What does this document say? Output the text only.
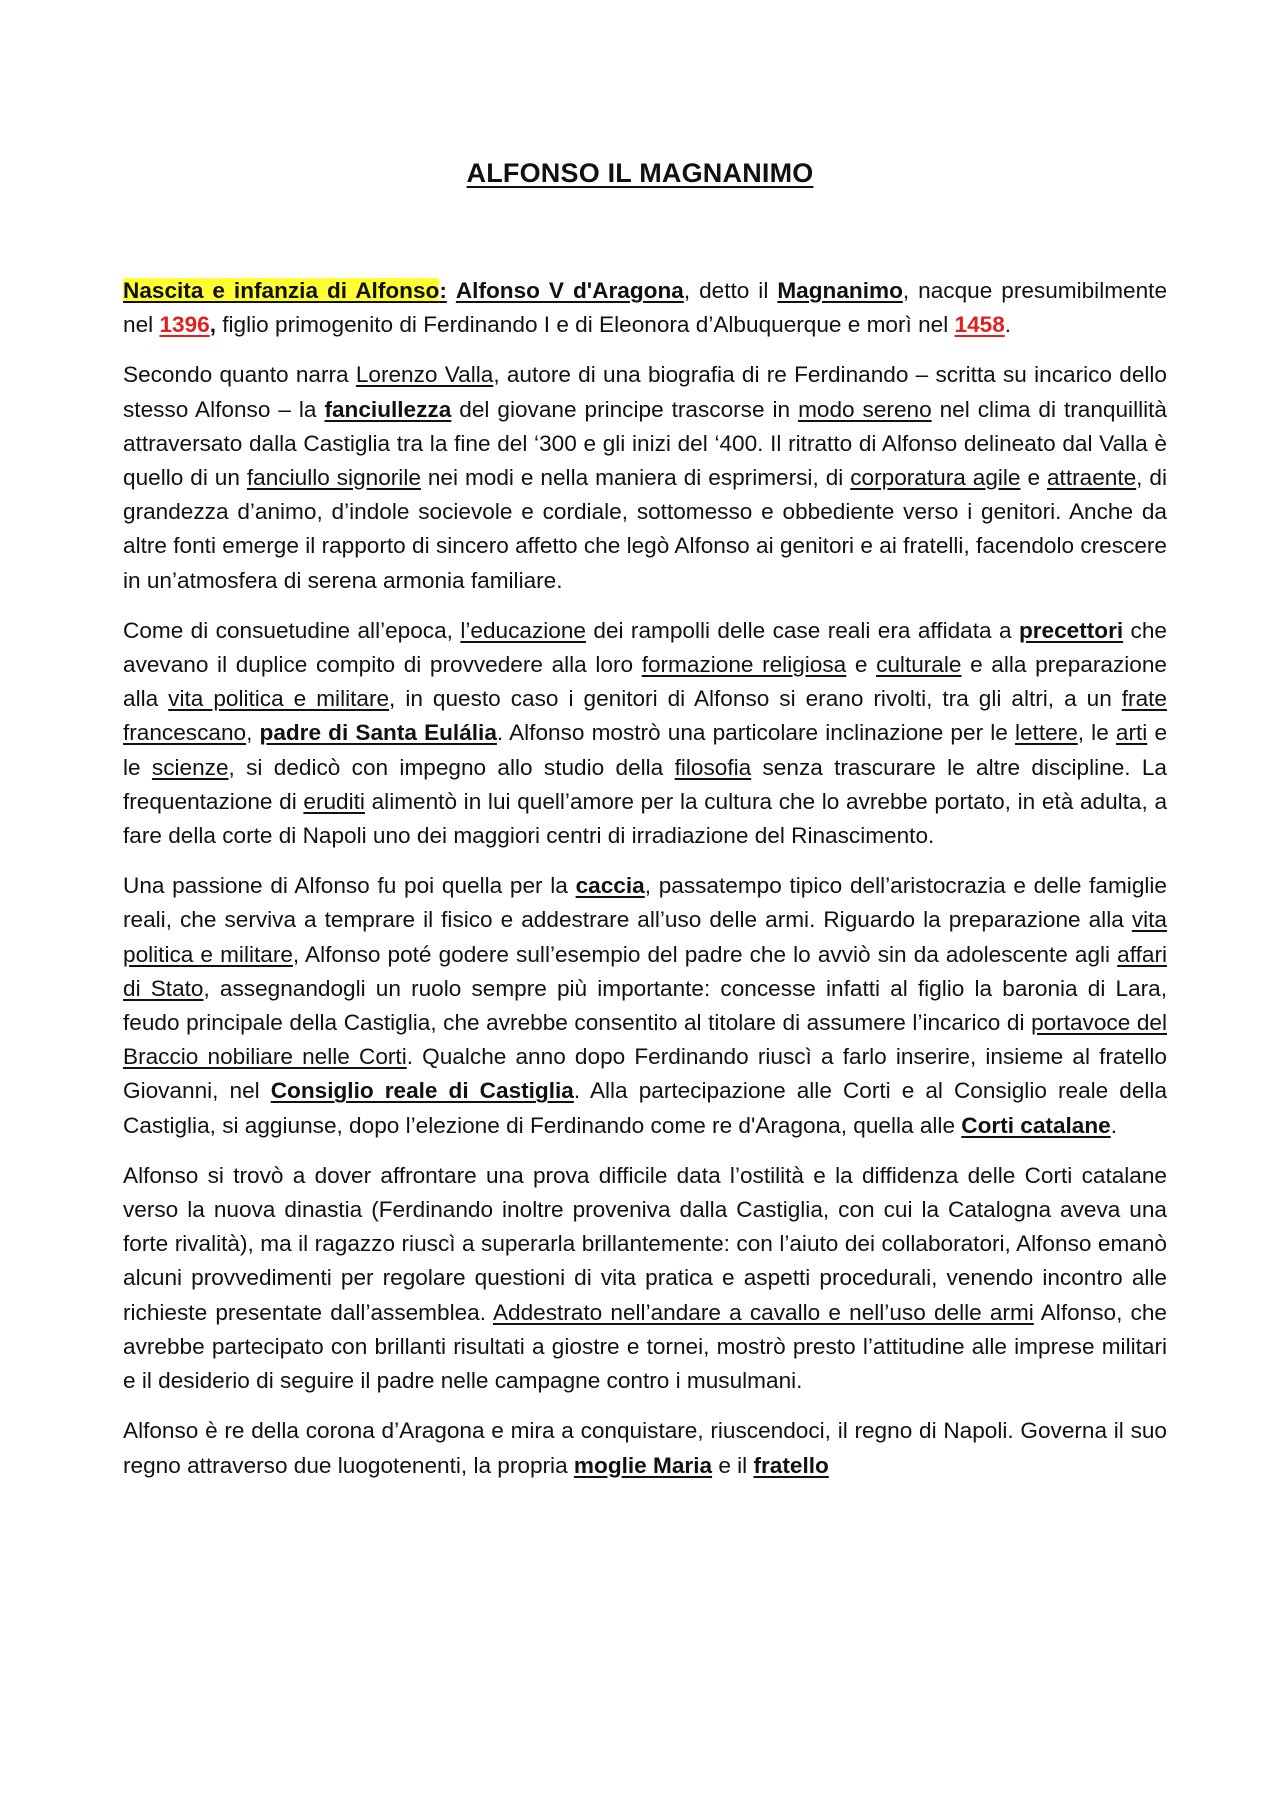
ALFONSO IL MAGNANIMO

Nascita e infanzia di Alfonso: Alfonso V d'Aragona, detto il Magnanimo, nacque presumibilmente nel 1396, figlio primogenito di Ferdinando I e di Eleonora d’Albuquerque e morì nel 1458.

Secondo quanto narra Lorenzo Valla, autore di una biografia di re Ferdinando – scritta su incarico dello stesso Alfonso – la fanciullezza del giovane principe trascorse in modo sereno nel clima di tranquillità attraversato dalla Castiglia tra la fine del ‘300 e gli inizi del ‘400. Il ritratto di Alfonso delineato dal Valla è quello di un fanciullo signorile nei modi e nella maniera di esprimersi, di corporatura agile e attraente, di grandezza d’animo, d’indole socievole e cordiale, sottomesso e obbediente verso i genitori. Anche da altre fonti emerge il rapporto di sincero affetto che legò Alfonso ai genitori e ai fratelli, facendolo crescere in un’atmosfera di serena armonia familiare.

Come di consuetudine all’epoca, l’educazione dei rampolli delle case reali era affidata a precettori che avevano il duplice compito di provvedere alla loro formazione religiosa e culturale e alla preparazione alla vita politica e militare, in questo caso i genitori di Alfonso si erano rivolti, tra gli altri, a un frate francescano, padre di Santa Eulália. Alfonso mostrò una particolare inclinazione per le lettere, le arti e le scienze, si dedicò con impegno allo studio della filosofia senza trascurare le altre discipline. La frequentazione di eruditi alimentò in lui quell’amore per la cultura che lo avrebbe portato, in età adulta, a fare della corte di Napoli uno dei maggiori centri di irradiazione del Rinascimento.

Una passione di Alfonso fu poi quella per la caccia, passatempo tipico dell’aristocrazia e delle famiglie reali, che serviva a temprare il fisico e addestrare all’uso delle armi. Riguardo la preparazione alla vita politica e militare, Alfonso poté godere sull’esempio del padre che lo avviò sin da adolescente agli affari di Stato, assegnandogli un ruolo sempre più importante: concesse infatti al figlio la baronia di Lara, feudo principale della Castiglia, che avrebbe consentito al titolare di assumere l’incarico di portavoce del Braccio nobiliare nelle Corti. Qualche anno dopo Ferdinando riuscì a farlo inserire, insieme al fratello Giovanni, nel Consiglio reale di Castiglia. Alla partecipazione alle Corti e al Consiglio reale della Castiglia, si aggiunse, dopo l’elezione di Ferdinando come re d'Aragona, quella alle Corti catalane.

Alfonso si trovò a dover affrontare una prova difficile data l’ostilità e la diffidenza delle Corti catalane verso la nuova dinastia (Ferdinando inoltre proveniva dalla Castiglia, con cui la Catalogna aveva una forte rivalità), ma il ragazzo riuscì a superarla brillantemente: con l’aiuto dei collaboratori, Alfonso emanò alcuni provvedimenti per regolare questioni di vita pratica e aspetti procedurali, venendo incontro alle richieste presentate dall’assemblea. Addestrato nell’andare a cavallo e nell’uso delle armi Alfonso, che avrebbe partecipato con brillanti risultati a giostre e tornei, mostrò presto l’attitudine alle imprese militari e il desiderio di seguire il padre nelle campagne contro i musulmani.

Alfonso è re della corona d’Aragona e mira a conquistare, riuscendoci, il regno di Napoli. Governa il suo regno attraverso due luogotenenti, la propria moglie Maria e il fratello
